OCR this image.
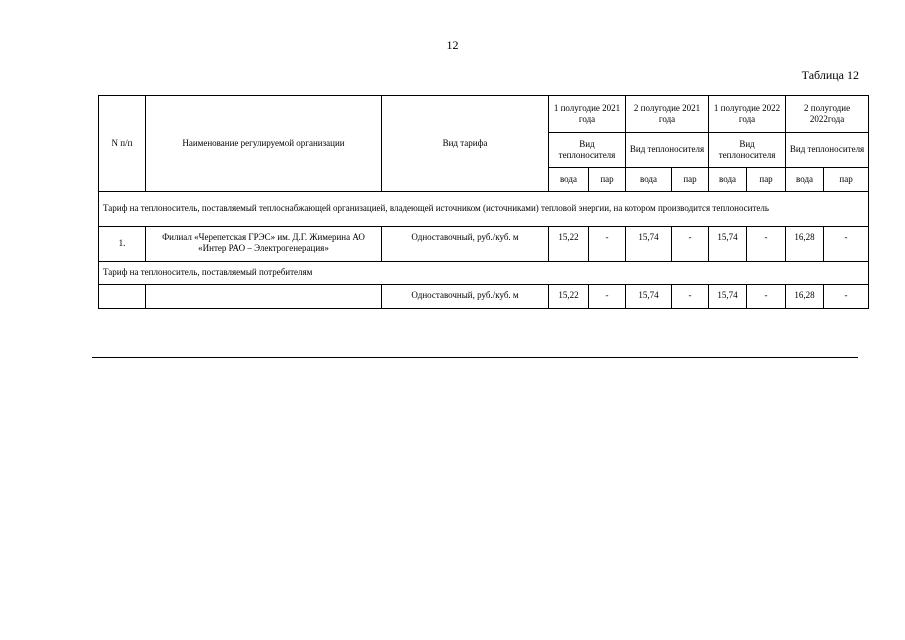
12
Таблица 12
N п/п	Наименование регулируемой организации	Вид тарифа	1 полугодие 2021 года		2 полугодие 2021 года		1 полугодие 2022 года		2 полугодие 2022года	
			Вид теплоносителя		Вид теплоносителя		Вид теплоносителя		Вид теплоносителя	
			вода	пар	вода	пар	вода	пар	вода	пар
Тариф на теплоноситель, поставляемый теплоснабжающей организацией, владеющей источником (источниками) тепловой энергии, на котором производится теплоноситель										
1.	Филиал «Черепетская ГРЭС» им. Д.Г. Жимерина АО «Интер РАО – Электрогенерация»	Одноставочный, руб./куб. м	15,22	-	15,74	-	15,74	-	16,28	-
Тариф на теплоноситель, поставляемый потребителям										
		Одноставочный, руб./куб. м	15,22	-	15,74	-	15,74	-	16,28	-
